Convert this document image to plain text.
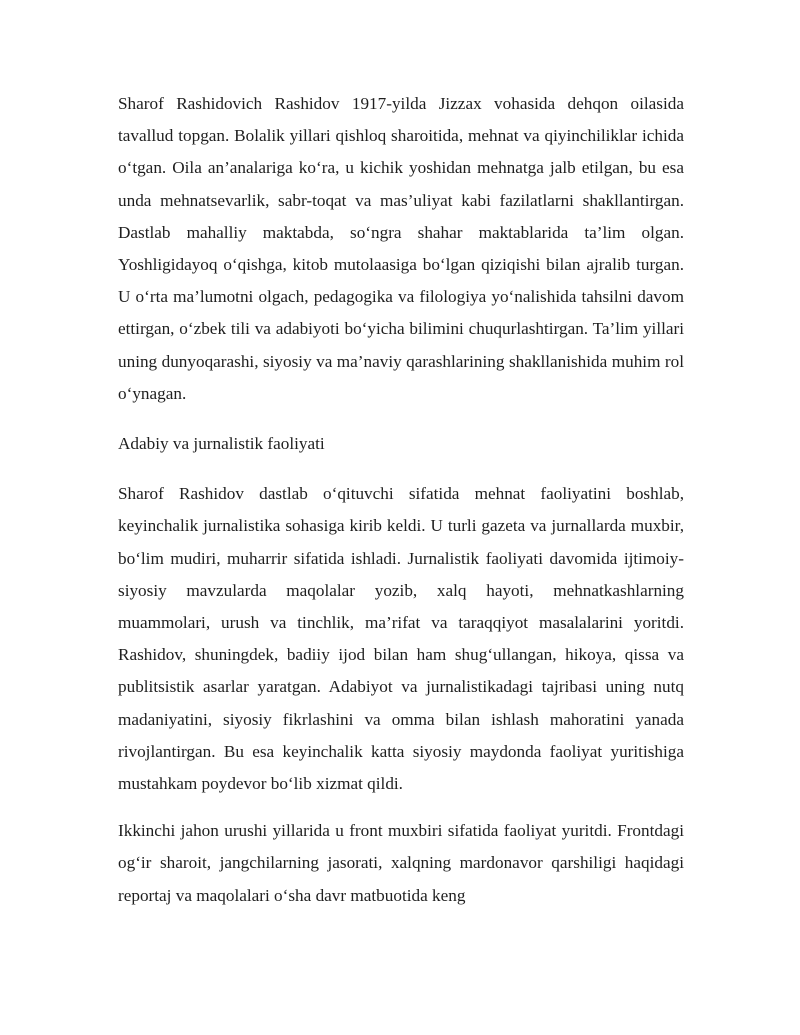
Sharof Rashidovich Rashidov 1917-yilda Jizzax vohasida dehqon oilasida tavallud topgan. Bolalik yillari qishloq sharoitida, mehnat va qiyinchiliklar ichida o‘tgan. Oila an’analariga ko‘ra, u kichik yoshidan mehnatga jalb etilgan, bu esa unda mehnatsevarlik, sabr-toqat va mas’uliyat kabi fazilatlarni shakllantirgan. Dastlab mahalliy maktabda, so‘ngra shahar maktablarida ta’lim olgan. Yoshligidayoq o‘qishga, kitob mutolaasiga bo‘lgan qiziqishi bilan ajralib turgan. U o‘rta ma’lumotni olgach, pedagogika va filologiya yo‘nalishida tahsilni davom ettirgan, o‘zbek tili va adabiyoti bo‘yicha bilimini chuqurlashtirgan. Ta’lim yillari uning dunyoqarashi, siyosiy va ma’naviy qarashlarining shakllanishida muhim rol o‘ynagan.

Adabiy va jurnalistik faoliyati

Sharof Rashidov dastlab o‘qituvchi sifatida mehnat faoliyatini boshlab, keyinchalik jurnalistika sohasiga kirib keldi. U turli gazeta va jurnallarda muxbir, bo‘lim mudiri, muharrir sifatida ishladi. Jurnalistik faoliyati davomida ijtimoiy-siyosiy mavzularda maqolalar yozib, xalq hayoti, mehnatkashlarning muammolari, urush va tinchlik, ma’rifat va taraqqiyot masalalarini yoritdi. Rashidov, shuningdek, badiiy ijod bilan ham shug‘ullangan, hikoya, qissa va publitsistik asarlar yaratgan. Adabiyot va jurnalistikadagi tajribasi uning nutq madaniyatini, siyosiy fikrlashini va omma bilan ishlash mahoratini yanada rivojlantirgan. Bu esa keyinchalik katta siyosiy maydonda faoliyat yuritishiga mustahkam poydevor bo‘lib xizmat qildi.

Ikkinchi jahon urushi yillarida u front muxbiri sifatida faoliyat yuritdi. Frontdagi og‘ir sharoit, jangchilarning jasorati, xalqning mardonavor qarshiligi haqidagi reportaj va maqolalari o‘sha davr matbuotida keng
